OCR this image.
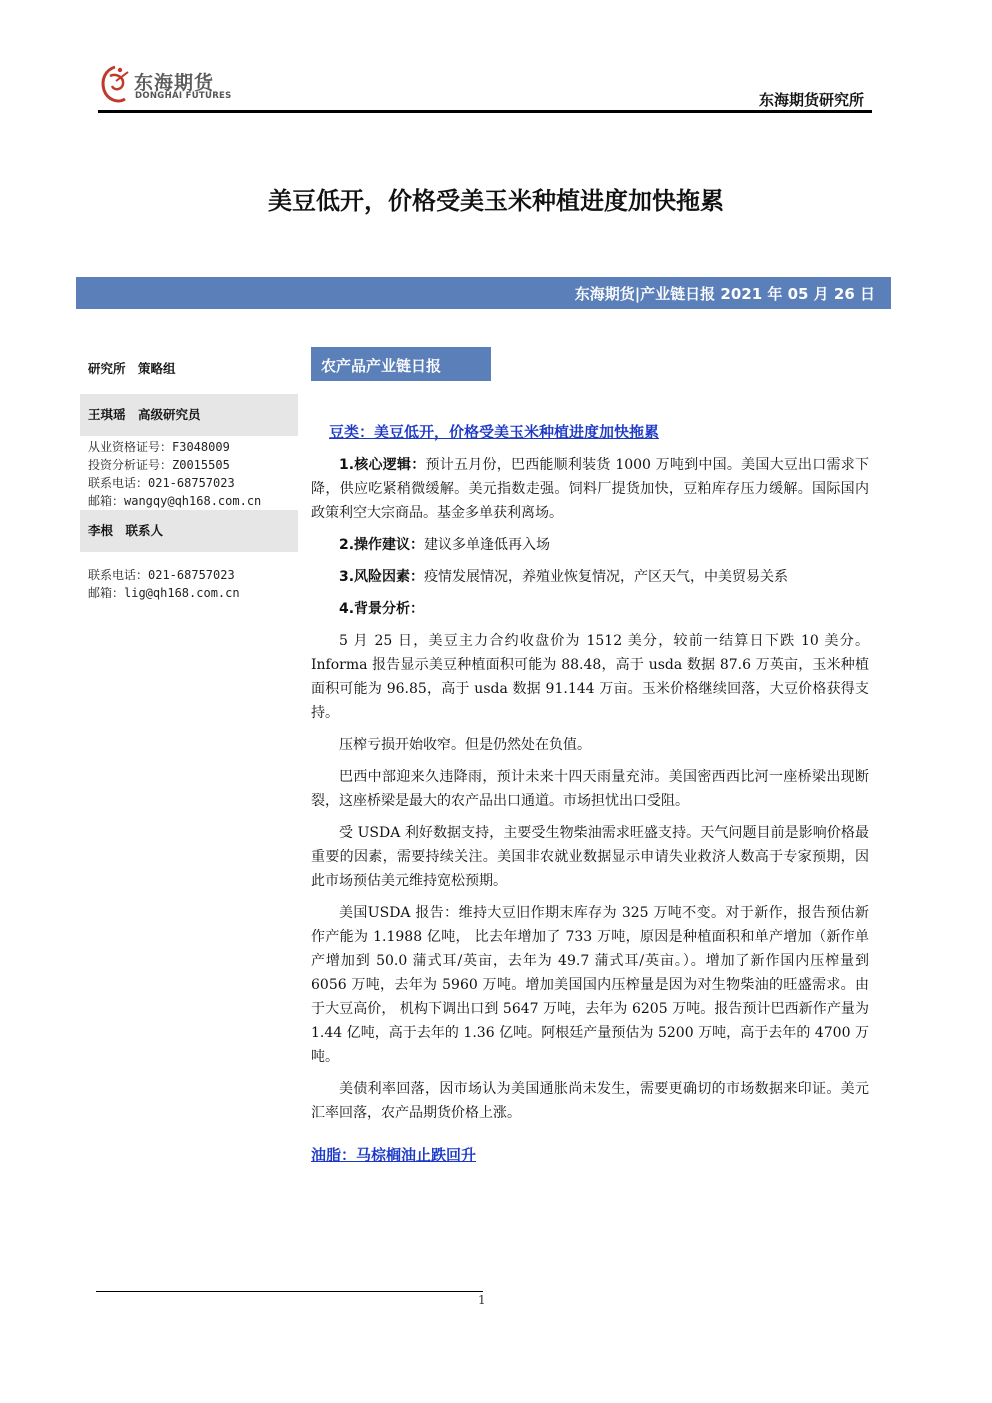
东海期货
DONGHAI FUTURES	东海期货研究所
美豆低开，价格受美玉米种植进度加快拖累
东海期货|产业链日报 2021 年 05 月 26 日
研究所　策略组
王琪瑶　高级研究员
从业资格证号：F3048009
投资分析证号：Z0015505
联系电话：021-68757023
邮箱：wangqy@qh168.com.cn
李根　联系人
联系电话：021-68757023
邮箱：lig@qh168.com.cn
农产品产业链日报
豆类：美豆低开，价格受美玉米种植进度加快拖累

1.核心逻辑：预计五月份，巴西能顺利装货 1000 万吨到中国。美国大豆出口需求下降，供应吃紧稍微缓解。美元指数走强。饲料厂提货加快，豆粕库存压力缓解。国际国内政策利空大宗商品。基金多单获利离场。

2.操作建议：建议多单逢低再入场

3.风险因素：疫情发展情况，养殖业恢复情况，产区天气，中美贸易关系

4.背景分析：

5 月 25 日，美豆主力合约收盘价为 1512 美分，较前一结算日下跌 10 美分。Informa 报告显示美豆种植面积可能为 88.48，高于 usda 数据 87.6 万英亩，玉米种植面积可能为 96.85，高于 usda 数据 91.144 万亩。玉米价格继续回落，大豆价格获得支持。

压榨亏损开始收窄。但是仍然处在负值。

巴西中部迎来久违降雨，预计未来十四天雨量充沛。美国密西西比河一座桥梁出现断裂，这座桥梁是最大的农产品出口通道。市场担忧出口受阻。

受 USDA 利好数据支持，主要受生物柴油需求旺盛支持。天气问题目前是影响价格最重要的因素，需要持续关注。美国非农就业数据显示申请失业救济人数高于专家预期，因此市场预估美元维持宽松预期。

美国USDA 报告：维持大豆旧作期末库存为 325 万吨不变。对于新作，报告预估新作产能为 1.1988 亿吨， 比去年增加了 733 万吨，原因是种植面积和单产增加（新作单产增加到 50.0 蒲式耳/英亩，去年为 49.7 蒲式耳/英亩。）。增加了新作国内压榨量到 6056 万吨，去年为 5960 万吨。增加美国国内压榨量是因为对生物柴油的旺盛需求。由于大豆高价， 机构下调出口到 5647 万吨，去年为 6205 万吨。报告预计巴西新作产量为 1.44 亿吨，高于去年的 1.36 亿吨。阿根廷产量预估为 5200 万吨，高于去年的 4700 万吨。

美债利率回落，因市场认为美国通胀尚未发生，需要更确切的市场数据来印证。美元汇率回落，农产品期货价格上涨。

油脂：马棕榈油止跌回升
1
